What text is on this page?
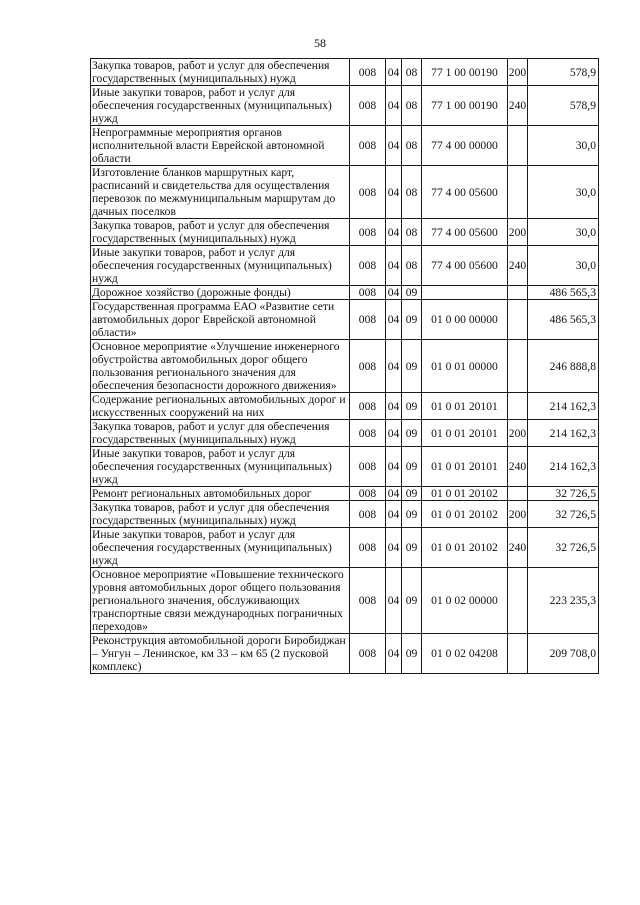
58
Закупка товаров, работ и услуг для обеспечения государственных (муниципальных) нужд	008	04	08	77 1 00 00190	200	578,9
Иные закупки товаров, работ и услуг для обеспечения государственных (муниципальных) нужд	008	04	08	77 1 00 00190	240	578,9
Непрограммные мероприятия органов исполнительной власти Еврейской автономной области	008	04	08	77 4 00 00000		30,0
Изготовление бланков маршрутных карт, расписаний и свидетельства для осуществления перевозок по межмуниципальным маршрутам до дачных поселков	008	04	08	77 4 00 05600		30,0
Закупка товаров, работ и услуг для обеспечения государственных (муниципальных) нужд	008	04	08	77 4 00 05600	200	30,0
Иные закупки товаров, работ и услуг для обеспечения государственных (муниципальных) нужд	008	04	08	77 4 00 05600	240	30,0
Дорожное хозяйство (дорожные фонды)	008	04	09			486 565,3
Государственная программа ЕАО «Развитие сети автомобильных дорог Еврейской автономной области»	008	04	09	01 0 00 00000		486 565,3
Основное мероприятие «Улучшение инженерного обустройства автомобильных дорог общего пользования регионального значения для обеспечения безопасности дорожного движения»	008	04	09	01 0 01 00000		246 888,8
Содержание региональных автомобильных дорог и искусственных сооружений на них	008	04	09	01 0 01 20101		214 162,3
Закупка товаров, работ и услуг для обеспечения государственных (муниципальных) нужд	008	04	09	01 0 01 20101	200	214 162,3
Иные закупки товаров, работ и услуг для обеспечения государственных (муниципальных) нужд	008	04	09	01 0 01 20101	240	214 162,3
Ремонт региональных автомобильных дорог	008	04	09	01 0 01 20102		32 726,5
Закупка товаров, работ и услуг для обеспечения государственных (муниципальных) нужд	008	04	09	01 0 01 20102	200	32 726,5
Иные закупки товаров, работ и услуг для обеспечения государственных (муниципальных) нужд	008	04	09	01 0 01 20102	240	32 726,5
Основное мероприятие «Повышение технического уровня автомобильных дорог общего пользования регионального значения, обслуживающих транспортные связи международных пограничных переходов»	008	04	09	01 0 02 00000		223 235,3
Реконструкция автомобильной дороги Биробиджан – Унгун – Ленинское, км 33 – км 65 (2 пусковой комплекс)	008	04	09	01 0 02 04208		209 708,0
